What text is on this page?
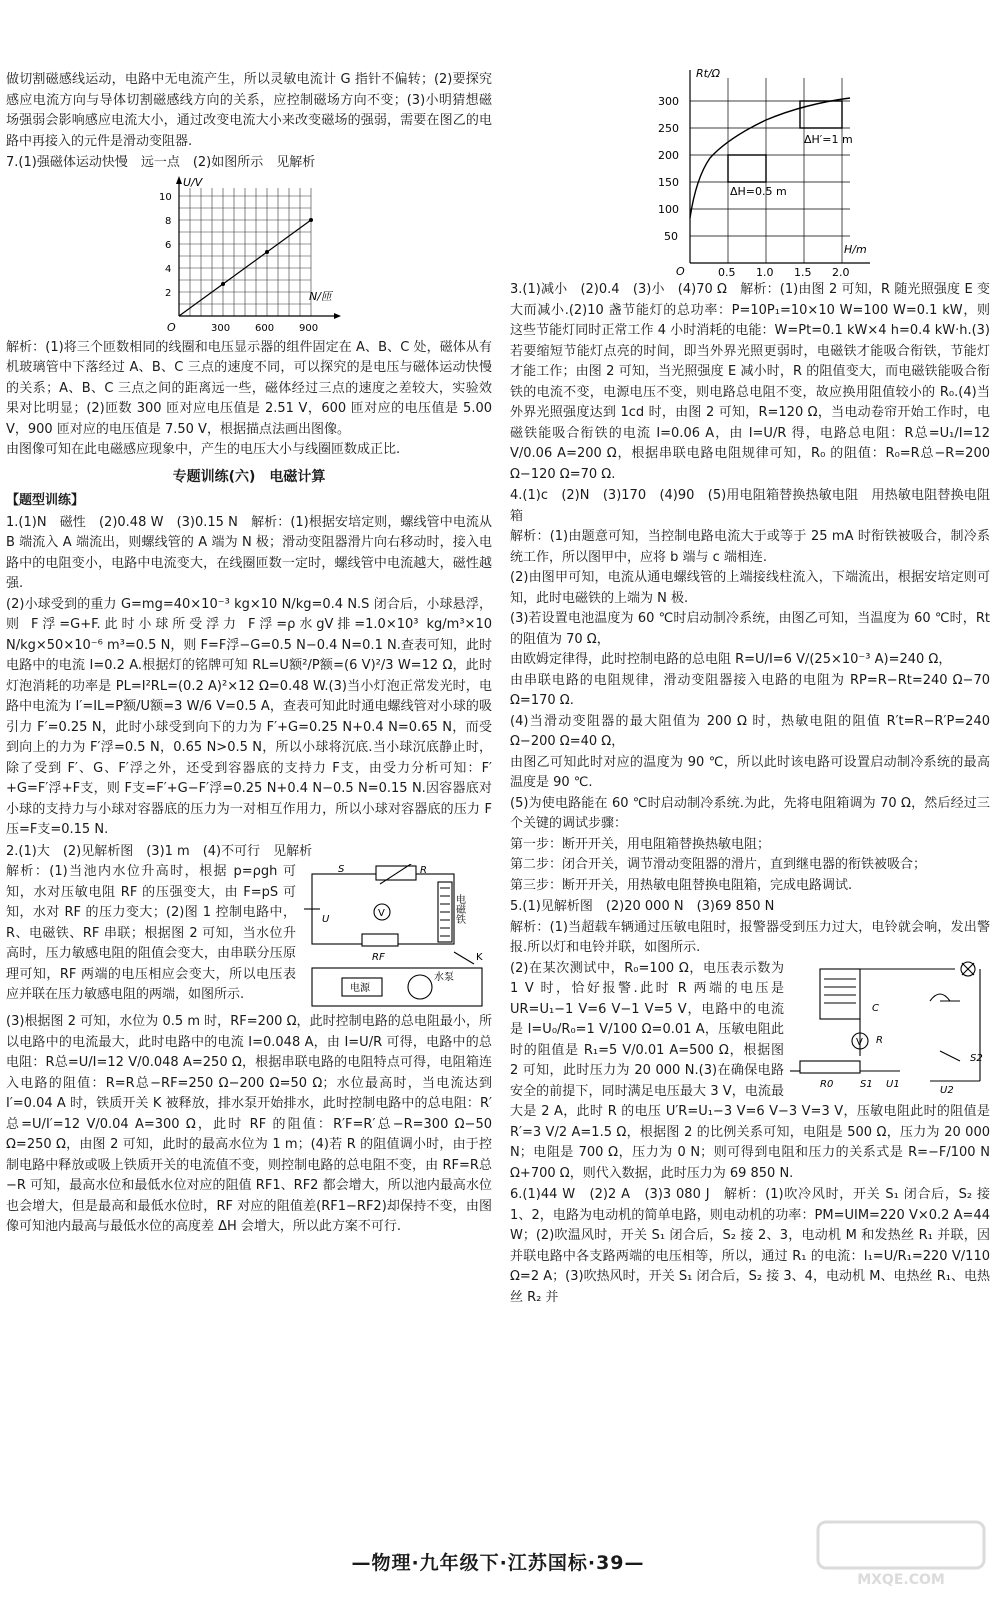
做切割磁感线运动，电路中无电流产生，所以灵敏电流计 G 指针不偏转；(2)要探究感应电流方向与导体切割磁感线方向的关系，应控制磁场方向不变；(3)小明猜想磁场强弱会影响感应电流大小，通过改变电流大小来改变磁场的强弱，需要在图乙的电路中再接入的元件是滑动变阻器.

7.(1)强磁体运动快慢　远一点　(2)如图所示　见解析

U/V
N/匝
O
10
8
6
4
2
300 600 900

解析：(1)将三个匝数相同的线圈和电压显示器的组件固定在 A、B、C 处，磁体从有机玻璃管中下落经过 A、B、C 三点的速度不同，可以探究的是电压与磁体运动快慢的关系；A、B、C 三点之间的距离远一些，磁体经过三点的速度之差较大，实验效果对比明显；(2)匝数 300 匝对应电压值是 2.51 V，600 匝对应的电压值是 5.00 V，900 匝对应的电压值是 7.50 V，根据描点法画出图像。

由图像可知在此电磁感应现象中，产生的电压大小与线圈匝数成正比.

专题训练(六)　电磁计算

【题型训练】

1.(1)N　磁性　(2)0.48 W　(3)0.15 N　解析：(1)根据安培定则，螺线管中电流从 B 端流入 A 端流出，则螺线管的 A 端为 N 极；滑动变阻器滑片向右移动时，接入电路中的电阻变小，电路中电流变大，在线圈匝数一定时，螺线管中电流越大，磁性越强.

(2)小球受到的重力 G=mg=40×10⁻³ kg×10 N/kg=0.4 N.S 闭合后，小球悬浮，则 F浮=G+F.此时小球所受浮力 F浮=ρ水gV排=1.0×10³ kg/m³×10 N/kg×50×10⁻⁶ m³=0.5 N，则 F=F浮−G=0.5 N−0.4 N=0.1 N.查表可知，此时电路中的电流 I=0.2 A.根据灯的铭牌可知 RL=U额²/P额=(6 V)²/3 W=12 Ω，此时灯泡消耗的功率是 PL=I²RL=(0.2 A)²×12 Ω=0.48 W.(3)当小灯泡正常发光时，电路中电流为 I′=IL=P额/U额=3 W/6 V=0.5 A，查表可知此时通电螺线管对小球的吸引力 F′=0.25 N，此时小球受到向下的力为 F′+G=0.25 N+0.4 N=0.65 N，而受到向上的力为 F′浮=0.5 N，0.65 N>0.5 N，所以小球将沉底.当小球沉底静止时，除了受到 F′、G、F′浮之外，还受到容器底的支持力 F支，由受力分析可知：F′+G=F′浮+F支，则 F支=F′+G−F′浮=0.25 N+0.4 N−0.5 N=0.15 N.因容器底对小球的支持力与小球对容器底的压力为一对相互作用力，所以小球对容器底的压力 F压=F支=0.15 N.

2.(1)大　(2)见解析图　(3)1 m　(4)不可行　见解析

S	R
U
V
RF	K
电磁铁
水泵
电源

解析：(1)当池内水位升高时，根据 p=ρgh 可知，水对压敏电阻 RF 的压强变大，由 F=pS 可知，水对 RF 的压力变大；(2)图 1 控制电路中，R、电磁铁、RF 串联；根据图 2 可知，当水位升高时，压力敏感电阻的阻值会变大，由串联分压原理可知，RF 两端的电压相应会变大，所以电压表应并联在压力敏感电阻的两端，如图所示.

(3)根据图 2 可知，水位为 0.5 m 时，RF=200 Ω，此时控制电路的总电阻最小，所以电路中的电流最大，此时电路中的电流 I=0.048 A，由 I=U/R 可得，电路中的总电阻：R总=U/I=12 V/0.048 A=250 Ω，根据串联电路的电阻特点可得，电阻箱连入电路的阻值：R=R总−RF=250 Ω−200 Ω=50 Ω；水位最高时，当电流达到 I′=0.04 A 时，铁质开关 K 被释放，排水泵开始排水，此时控制电路中的总电阻：R′总=U/I′=12 V/0.04 A=300 Ω，此时 RF 的阻值：R′F=R′总−R=300 Ω−50 Ω=250 Ω，由图 2 可知，此时的最高水位为 1 m；(4)若 R 的阻值调小时，由于控制电路中释放或吸上铁质开关的电流值不变，则控制电路的总电阻不变，由 RF=R总−R 可知，最高水位和最低水位对应的阻值 RF1、RF2 都会增大，所以池内最高水位也会增大，但是最高和最低水位时，RF 对应的阻值差(RF1−RF2)却保持不变，由图像可知池内最高与最低水位的高度差 ΔH 会增大，所以此方案不可行.

Rt/Ω
H/m
O
300
250
200
150
100
50
0.5 1.0 1.5 2.0
ΔH′=1 m
ΔH=0.5 m

3.(1)减小　(2)0.4　(3)小　(4)70 Ω　解析：(1)由图 2 可知，R 随光照强度 E 变大而减小.(2)10 盏节能灯的总功率：P=10P₁=10×10 W=100 W=0.1 kW，则这些节能灯同时正常工作 4 小时消耗的电能：W=Pt=0.1 kW×4 h=0.4 kW·h.(3)若要缩短节能灯点亮的时间，即当外界光照更弱时，电磁铁才能吸合衔铁，节能灯才能工作；由图 2 可知，当光照强度 E 减小时，R 的阻值变大，而电磁铁能吸合衔铁的电流不变，电源电压不变，则电路总电阻不变，故应换用阻值较小的 R₀.(4)当外界光照强度达到 1cd 时，由图 2 可知，R=120 Ω，当电动卷帘开始工作时，电磁铁能吸合衔铁的电流 I=0.06 A，由 I=U/R 得，电路总电阻：R总=U₁/I=12 V/0.06 A=200 Ω，根据串联电路电阻规律可知，R₀ 的阻值：R₀=R总−R=200 Ω−120 Ω=70 Ω.

4.(1)c　(2)N　(3)170　(4)90　(5)用电阻箱替换热敏电阻　用热敏电阻替换电阻箱

解析：(1)由题意可知，当控制电路电流大于或等于 25 mA 时衔铁被吸合，制冷系统工作，所以图甲中，应将 b 端与 c 端相连.

(2)由图甲可知，电流从通电螺线管的上端接线柱流入，下端流出，根据安培定则可知，此时电磁铁的上端为 N 极.

(3)若设置电池温度为 60 ℃时启动制冷系统，由图乙可知，当温度为 60 ℃时，Rt 的阻值为 70 Ω，

由欧姆定律得，此时控制电路的总电阻 R=U/I=6 V/(25×10⁻³ A)=240 Ω，

由串联电路的电阻规律，滑动变阻器接入电路的电阻为 RP=R−Rt=240 Ω−70 Ω=170 Ω.

(4)当滑动变阻器的最大阻值为 200 Ω 时，热敏电阻的阻值 R′t=R−R′P=240 Ω−200 Ω=40 Ω，

由图乙可知此时对应的温度为 90 ℃，所以此时该电路可设置启动制冷系统的最高温度是 90 ℃.

(5)为使电路能在 60 ℃时启动制冷系统.为此，先将电阻箱调为 70 Ω，然后经过三个关键的调试步骤：

第一步：断开开关，用电阻箱替换热敏电阻；

第二步：闭合开关，调节滑动变阻器的滑片，直到继电器的衔铁被吸合；

第三步：断开开关，用热敏电阻替换电阻箱，完成电路调试.

5.(1)见解析图　(2)20 000 N　(3)69 850 N

解析：(1)当超载车辆通过压敏电阻时，报警器受到压力过大，电铃就会响，发出警报.所以灯和电铃并联，如图所示.

C
R
R0	S1
S2
U1
U2
V

(2)在某次测试中，R₀=100 Ω，电压表示数为 1 V 时，恰好报警.此时 R 两端的电压是 UR=U₁−1 V=6 V−1 V=5 V，电路中的电流是 I=U₀/R₀=1 V/100 Ω=0.01 A，压敏电阻此时的阻值是 R₁=5 V/0.01 A=500 Ω，根据图 2 可知，此时压力为 20 000 N.(3)在确保电路安全的前提下，同时满足电压最大 3 V，电流最大是 2 A，此时 R 的电压 U′R=U₁−3 V=6 V−3 V=3 V，压敏电阻此时的阻值是 R′=3 V/2 A=1.5 Ω，根据图 2 的比例关系可知，电阻是 500 Ω，压力为 20 000 N；电阻是 700 Ω，压力为 0 N；则可得到电阻和压力的关系式是 R=−F/100 N Ω+700 Ω，则代入数据，此时压力为 69 850 N.

6.(1)44 W　(2)2 A　(3)3 080 J　解析：(1)吹冷风时，开关 S₁ 闭合后，S₂ 接 1、2，电路为电动机的简单电路，则电动机的功率：PM=UIM=220 V×0.2 A=44 W；(2)吹温风时，开关 S₁ 闭合后，S₂ 接 2、3，电动机 M 和发热丝 R₁ 并联，因并联电路中各支路两端的电压相等，所以，通过 R₁ 的电流：I₁=U/R₁=220 V/110 Ω=2 A；(3)吹热风时，开关 S₁ 闭合后，S₂ 接 3、4，电动机 M、电热丝 R₁、电热丝 R₂ 并

—物理·九年级下·江苏国标·39—
MXQE.COM
